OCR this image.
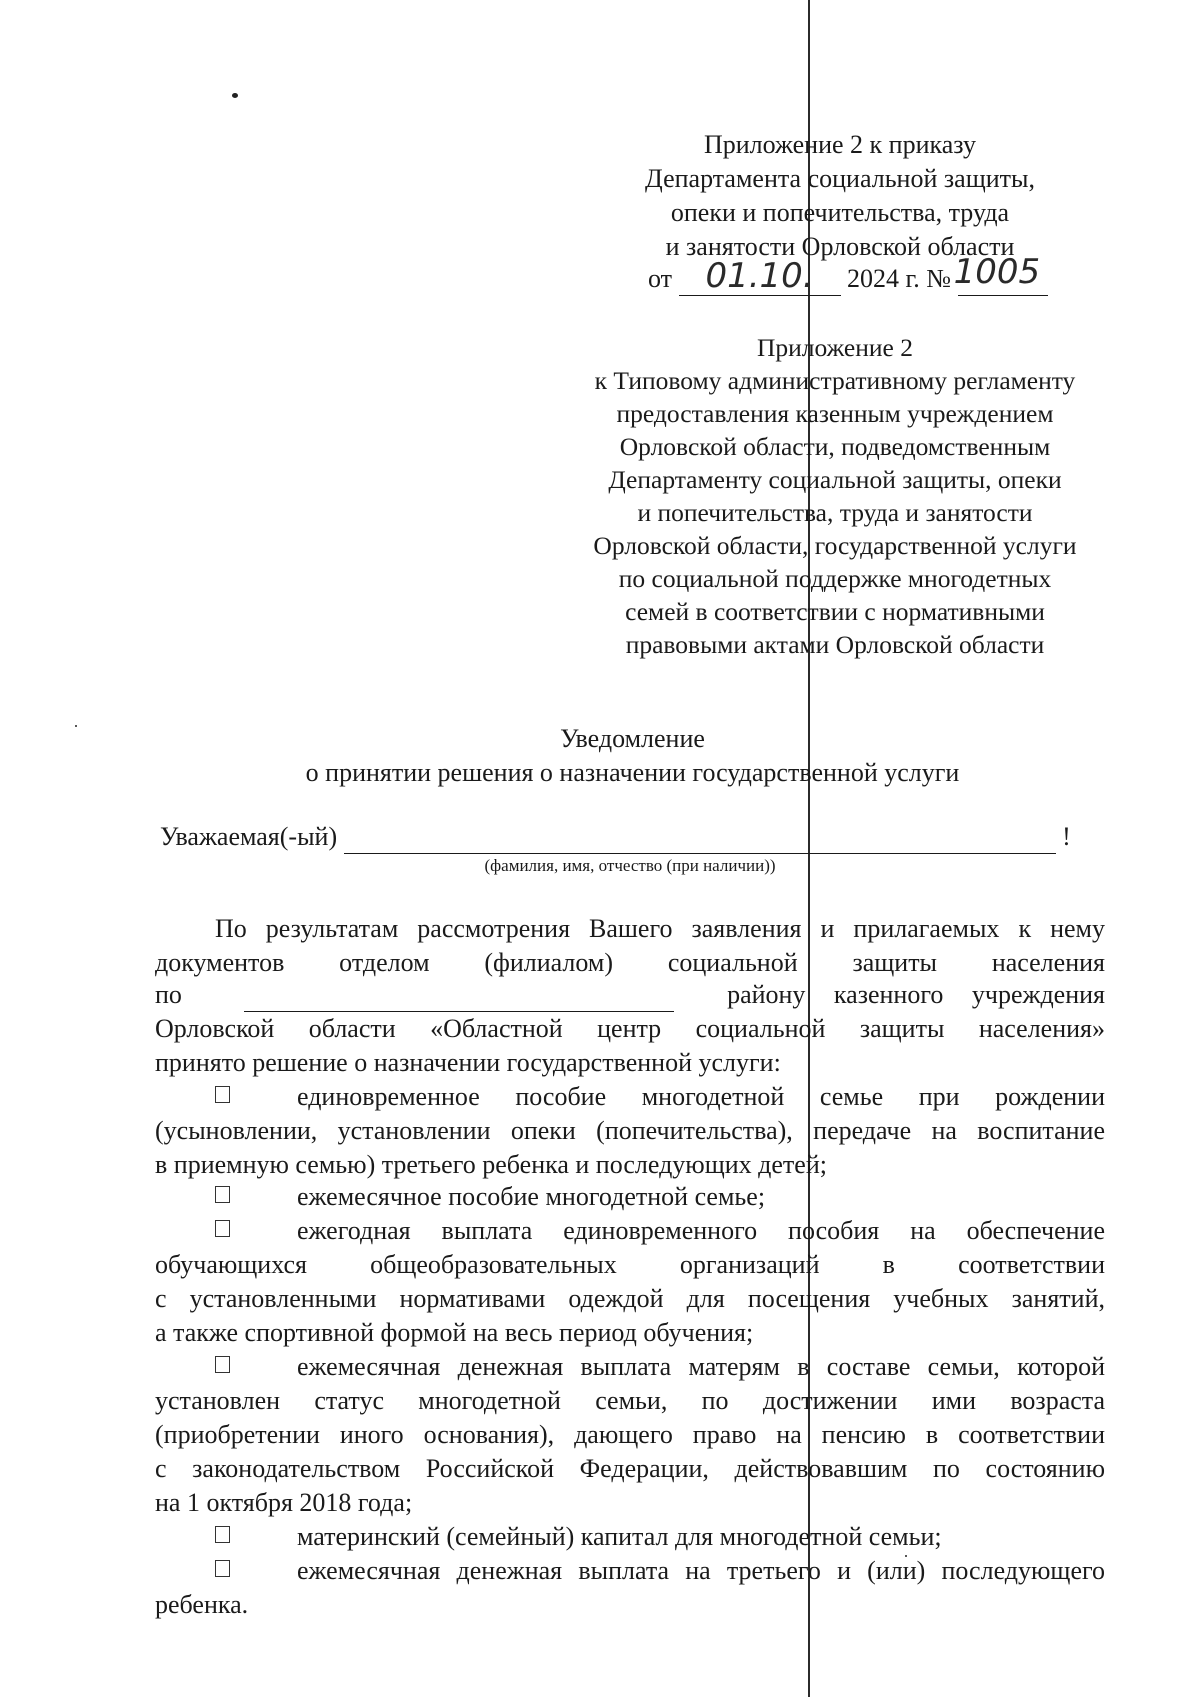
Приложение 2 к приказу
Департамента социальной защиты,
опеки и попечительства, труда
и занятости Орловской области
от 01.10. 2024 г. № 1005
Приложение 2
к Типовому административному регламенту
предоставления казенным учреждением
Орловской области, подведомственным
Департаменту социальной защиты, опеки
и попечительства, труда и занятости
Орловской области, государственной услуги
по социальной поддержке многодетных
семей в соответствии с нормативными
правовыми актами Орловской области
Уведомление
о принятии решения о назначении государственной услуги
Уважаемая(-ый)	!
(фамилия, имя, отчество (при наличии))
По результатам рассмотрения Вашего заявления и прилагаемых к нему
документов отделом (филиалом) социальной защиты населения
по	району казенного учреждения
Орловской области «Областной центр социальной защиты населения»
принято решение о назначении государственной услуги:
единовременное пособие многодетной семье при рождении
(усыновлении, установлении опеки (попечительства), передаче на воспитание
в приемную семью) третьего ребенка и последующих детей;
ежемесячное пособие многодетной семье;
ежегодная выплата единовременного пособия на обеспечение
обучающихся общеобразовательных организаций в соответствии
с установленными нормативами одеждой для посещения учебных занятий,
а также спортивной формой на весь период обучения;
ежемесячная денежная выплата матерям в составе семьи, которой
установлен статус многодетной семьи, по достижении ими возраста
(приобретении иного основания), дающего право на пенсию в соответствии
с законодательством Российской Федерации, действовавшим по состоянию
на 1 октября 2018 года;
материнский (семейный) капитал для многодетной семьи;
ежемесячная денежная выплата на третьего и (или) последующего
ребенка.
